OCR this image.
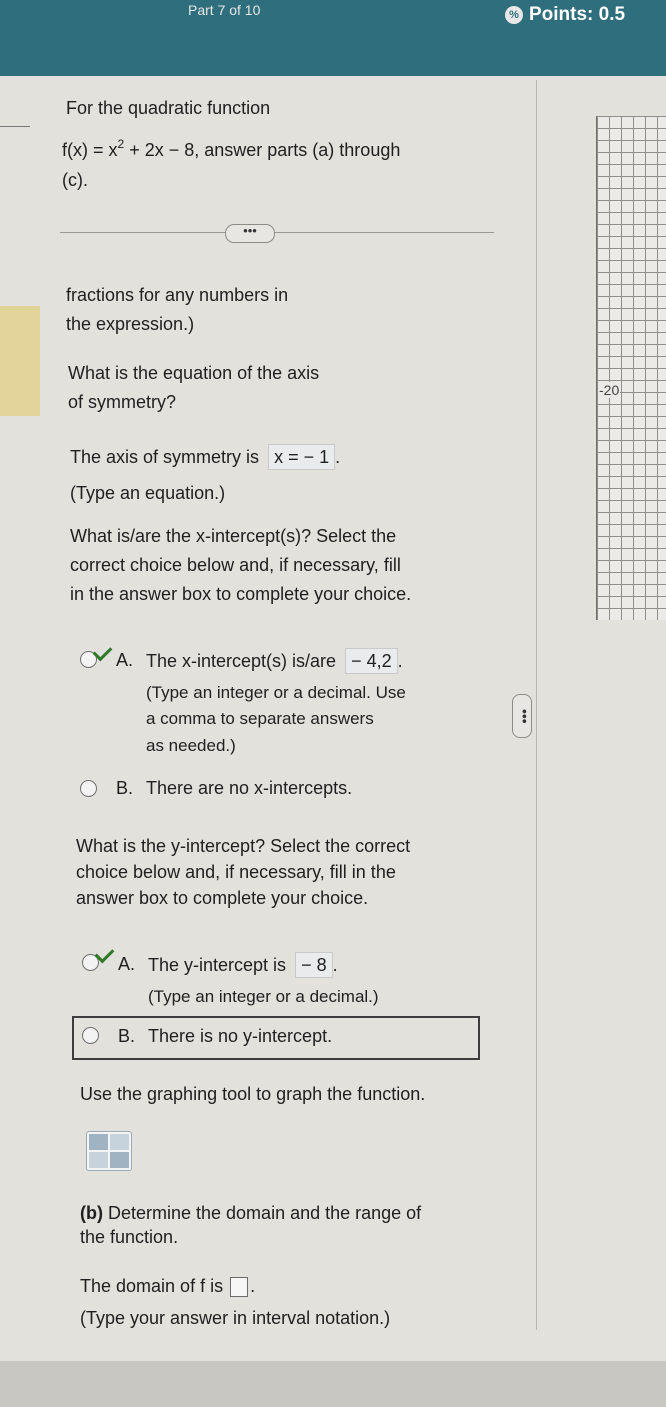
Part 7 of 10	% Points: 0.5
-20
For the quadratic function
$f(x) = x^2 + 2x - 8$, answer parts (a) through
(c).
•••
fractions for any numbers in
the expression.)
What is the equation of the axis
of symmetry?
The axis of symmetry is x = − 1 .
(Type an equation.)
What is/are the x-intercept(s)? Select the
correct choice below and, if necessary, fill
in the answer box to complete your choice.
A. The x-intercept(s) is/are − 4,2 .
(Type an integer or a decimal. Use
a comma to separate answers
as needed.)
•••
B. There are no x-intercepts.
What is the y-intercept? Select the correct
choice below and, if necessary, fill in the
answer box to complete your choice.
A. The y-intercept is − 8 .
(Type an integer or a decimal.)
B. There is no y-intercept.
Use the graphing tool to graph the function.
(b) Determine the domain and the range of
the function.
The domain of f is .
(Type your answer in interval notation.)
